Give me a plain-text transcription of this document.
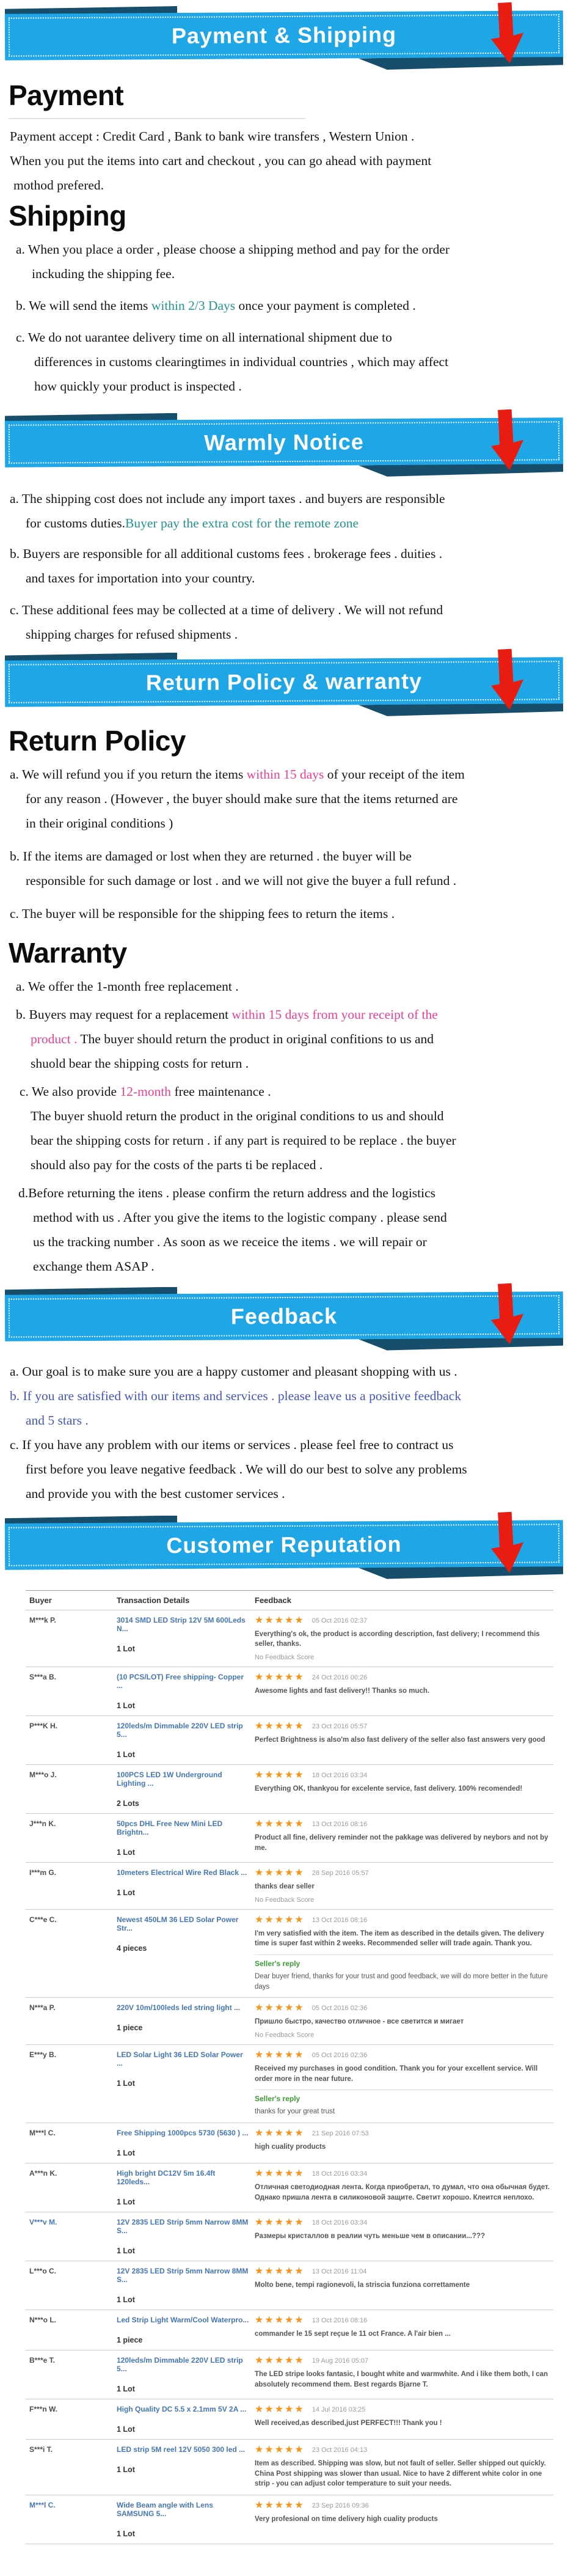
Payment & Shipping
Payment
Payment accept : Credit Card , Bank to bank wire transfers , Western Union .
When you put the items into cart and checkout , you can go ahead with payment
mothod prefered.
Shipping
a. When you place a order , please choose a shipping method and pay for the order
inckuding the shipping fee.
b. We will send the items within 2/3 Days once your payment is completed .
c. We do not uarantee delivery time on all international shipment due to
differences in customs clearingtimes in individual countries , which may affect
how quickly your product is inspected .
Warmly Notice
a. The shipping cost does not include any import taxes . and buyers are responsible
for customs duties.Buyer pay the extra cost for the remote zone
b. Buyers are responsible for all additional customs fees . brokerage fees . duities .
and taxes for importation into your country.
c. These additional fees may be collected at a time of delivery . We will not refund
shipping charges for refused shipments .
Return Policy & warranty
Return Policy
a. We will refund you if you return the items within 15 days of your receipt of the item
for any reason . (However , the buyer should make sure that the items returned are
in their original conditions )
b. If the items are damaged or lost when they are returned . the buyer will be
responsible for such damage or lost . and we will not give the buyer a full refund .
c. The buyer will be responsible for the shipping fees to return the items .
Warranty
a. We offer the 1-month free replacement .
b. Buyers may request for a replacement within 15 days from your receipt of the
product . The buyer should return the product in original confitions to us and
shuold bear the shipping costs for return .
c. We also provide 12-month free maintenance .
The buyer shuold return the product in the original conditions to us and should
bear the shipping costs for return . if any part is required to be replace . the buyer
should also pay for the costs of the parts ti be replaced .
d.Before returning the itens . please confirm the return address and the logistics
method with us . After you give the items to the logistic company . please send
us the tracking number . As soon as we receice the items . we will repair or
exchange them ASAP .
Feedback
a. Our goal is to make sure you are a happy customer and pleasant shopping with us .
b. If you are satisfied with our items and services . please leave us a positive feedback
and 5 stars .
c. If you have any problem with our items or services . please feel free to contract us
first before you leave negative feedback . We will do our best to solve any problems
and provide you with the best customer services .
Customer Reputation
Buyer	Transaction Details	Feedback
M***k P.	3014 SMD LED Strip 12V 5M 600Leds N...
1 Lot
★★★★★ 05 Oct 2016 02:37
Everything's ok, the product is according description, fast delivery; I recommend this seller, thanks.
No Feedback Score
S***a B.	(10 PCS/LOT) Free shipping- Copper ...
1 Lot
★★★★★ 24 Oct 2016 00:26
Awesome lights and fast delivery!! Thanks so much.
P***K H.	120leds/m Dimmable 220V LED strip 5...
1 Lot
★★★★★ 23 Oct 2016 05:57
Perfect Brightness is also'm also fast delivery of the seller also fast answers very good
M***o J.	100PCS LED 1W Underground Lighting ...
2 Lots
★★★★★ 18 Oct 2016 03:34
Everything OK, thankyou for excelente service, fast delivery. 100% recomended!
J***n K.	50pcs DHL Free New Mini LED Brightn...
1 Lot
★★★★★ 13 Oct 2016 08:16
Product all fine, delivery reminder not the pakkage was delivered by neybors and not by me.
I***m G.	10meters Electrical Wire Red Black ...
1 Lot
★★★★★ 28 Sep 2016 05:57
thanks dear seller
No Feedback Score
C***e C.	Newest 450LM 36 LED Solar Power Str...
4 pieces
★★★★★ 13 Oct 2016 08:16
I'm very satisfied with the item. The item as described in the details given. The delivery time is super fast within 2 weeks. Recommended seller will trade again. Thank you.
Seller's reply
Dear buyer friend, thanks for your trust and good feedback, we will do more better in the future days
N***a P.	220V 10m/100leds led string light ...
1 piece
★★★★★ 05 Oct 2016 02:36
Пришло быстро, качество отличное - все светится и мигает
No Feedback Score
E***y B.	LED Solar Light 36 LED Solar Power ...
1 Lot
★★★★★ 05 Oct 2016 02:36
Received my purchases in good condition. Thank you for your excellent service. Will order more in the near future.
Seller's reply
thanks for your great trust
M***l C.	Free Shipping 1000pcs 5730 (5630 ) ...
1 Lot
★★★★★ 21 Sep 2016 07:53
high cuality products
A***n K.	High bright DC12V 5m 16.4ft 120leds...
1 Lot
★★★★★ 18 Oct 2016 03:34
Отличная светодиодная лента. Когда приобретал, то думал, что она обычная будет. Однако пришла лента в силиконовой защите. Светит хорошо. Клеится неплохо.
V***v M.	12V 2835 LED Strip 5mm Narrow 8MM S...
1 Lot
★★★★★ 18 Oct 2016 03:34
Размеры кристаллов в реалии чуть меньше чем в описании...???
L***o C.	12V 2835 LED Strip 5mm Narrow 8MM S...
1 Lot
★★★★★ 13 Oct 2016 11:04
Molto bene, tempi ragionevoli, la striscia funziona correttamente
N***o L.	Led Strip Light Warm/Cool Waterpro...
1 piece
★★★★★ 13 Oct 2016 08:16
commander le 15 sept reçue le 11 oct France. A l'air bien ...
B***e T.	120leds/m Dimmable 220V LED strip 5...
1 Lot
★★★★★ 19 Aug 2016 05:07
The LED stripe looks fantasic, I bought white and warmwhite. And i like them both, I can absolutely recommend them. Best regards Bjarne T.
F***n W.	High Quality DC 5.5 x 2.1mm 5V 2A ...
1 Lot
★★★★★ 14 Jul 2016 03:25
Well received,as described,just PERFECT!!! Thank you !
S***i T.	LED strip 5M reel 12V 5050 300 led ...
1 Lot
★★★★★ 23 Oct 2016 04:13
Item as described. Shipping was slow, but not fault of seller. Seller shipped out quickly. China Post shipping was slower than usual. Nice to have 2 different white color in one strip - you can adjust color temperature to suit your needs.
M***l C.	Wide Beam angle with Lens SAMSUNG 5...
1 Lot
★★★★★ 23 Sep 2016 09:36
Very profesional on time delivery high cuality products
